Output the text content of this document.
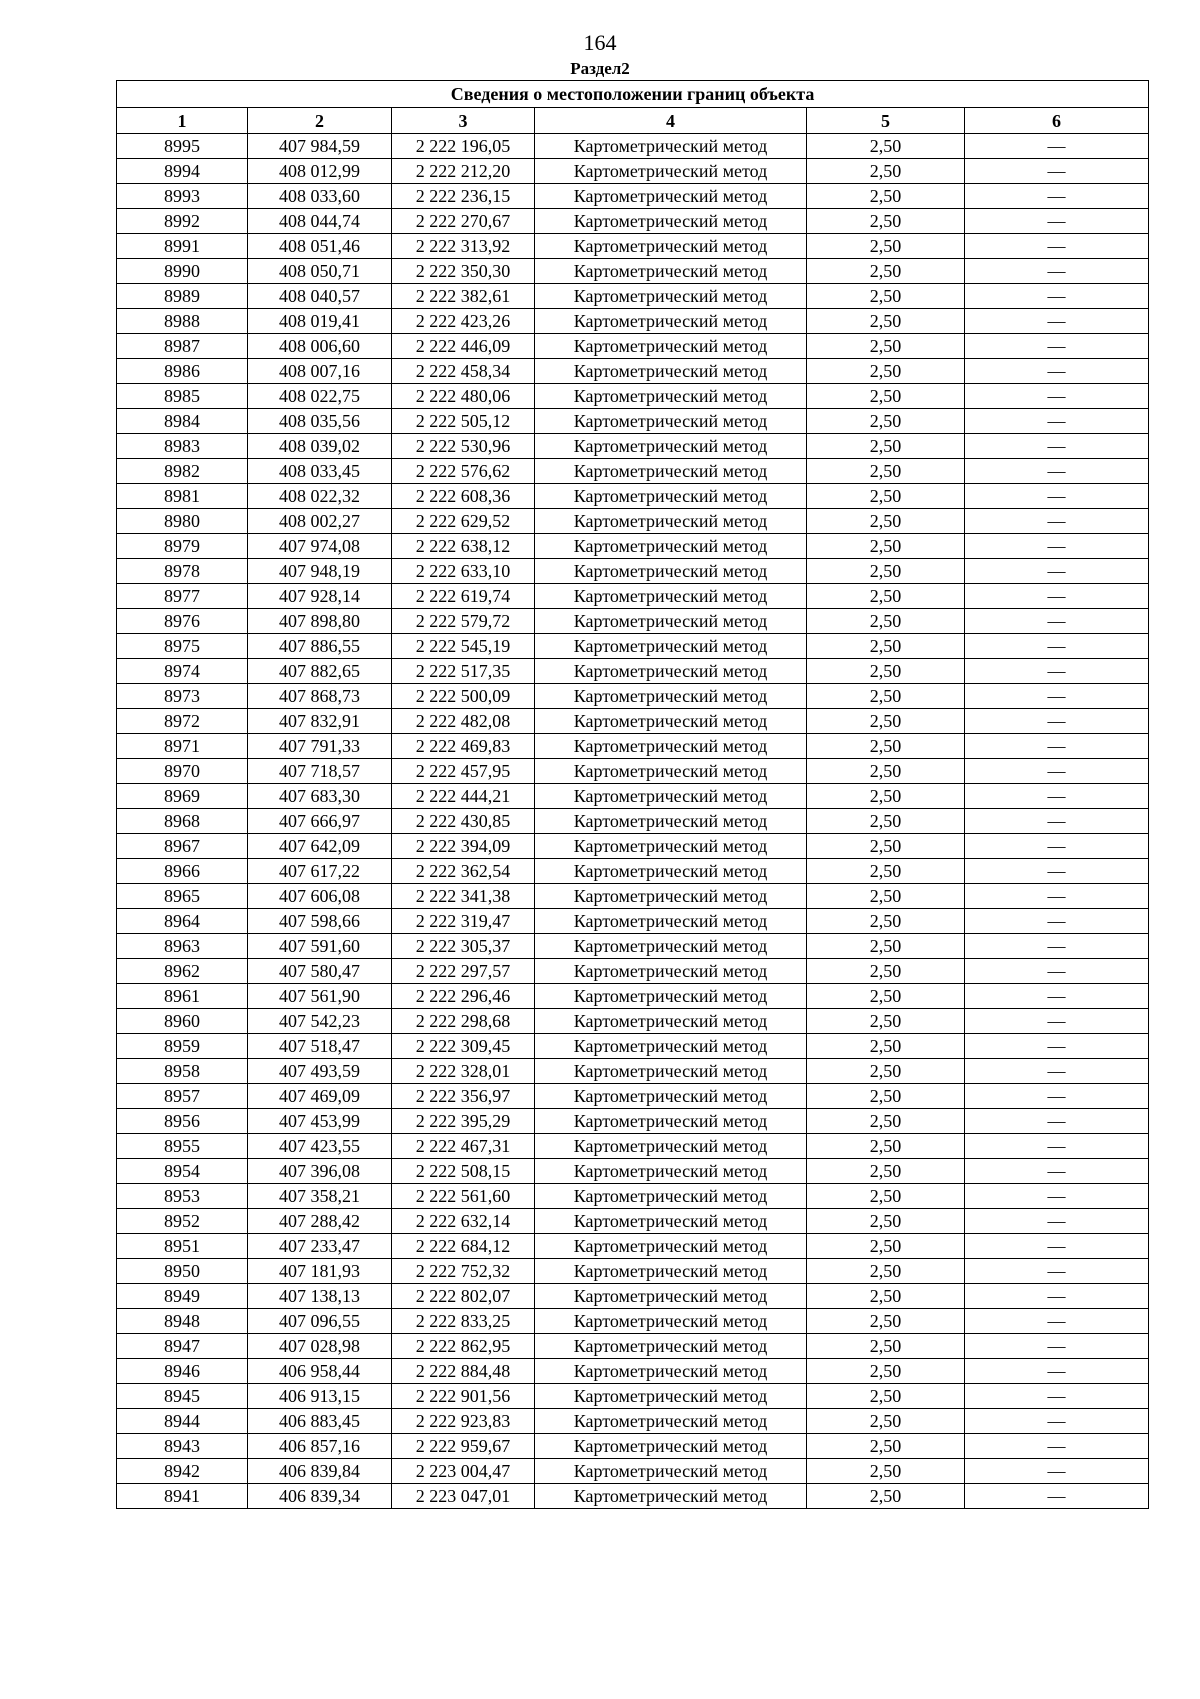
164
Раздел2
Сведения о местоположении границ объекта					
1	2	3	4	5	6
8995	407 984,59	2 222 196,05	Картометрический метод	2,50	—
8994	408 012,99	2 222 212,20	Картометрический метод	2,50	—
8993	408 033,60	2 222 236,15	Картометрический метод	2,50	—
8992	408 044,74	2 222 270,67	Картометрический метод	2,50	—
8991	408 051,46	2 222 313,92	Картометрический метод	2,50	—
8990	408 050,71	2 222 350,30	Картометрический метод	2,50	—
8989	408 040,57	2 222 382,61	Картометрический метод	2,50	—
8988	408 019,41	2 222 423,26	Картометрический метод	2,50	—
8987	408 006,60	2 222 446,09	Картометрический метод	2,50	—
8986	408 007,16	2 222 458,34	Картометрический метод	2,50	—
8985	408 022,75	2 222 480,06	Картометрический метод	2,50	—
8984	408 035,56	2 222 505,12	Картометрический метод	2,50	—
8983	408 039,02	2 222 530,96	Картометрический метод	2,50	—
8982	408 033,45	2 222 576,62	Картометрический метод	2,50	—
8981	408 022,32	2 222 608,36	Картометрический метод	2,50	—
8980	408 002,27	2 222 629,52	Картометрический метод	2,50	—
8979	407 974,08	2 222 638,12	Картометрический метод	2,50	—
8978	407 948,19	2 222 633,10	Картометрический метод	2,50	—
8977	407 928,14	2 222 619,74	Картометрический метод	2,50	—
8976	407 898,80	2 222 579,72	Картометрический метод	2,50	—
8975	407 886,55	2 222 545,19	Картометрический метод	2,50	—
8974	407 882,65	2 222 517,35	Картометрический метод	2,50	—
8973	407 868,73	2 222 500,09	Картометрический метод	2,50	—
8972	407 832,91	2 222 482,08	Картометрический метод	2,50	—
8971	407 791,33	2 222 469,83	Картометрический метод	2,50	—
8970	407 718,57	2 222 457,95	Картометрический метод	2,50	—
8969	407 683,30	2 222 444,21	Картометрический метод	2,50	—
8968	407 666,97	2 222 430,85	Картометрический метод	2,50	—
8967	407 642,09	2 222 394,09	Картометрический метод	2,50	—
8966	407 617,22	2 222 362,54	Картометрический метод	2,50	—
8965	407 606,08	2 222 341,38	Картометрический метод	2,50	—
8964	407 598,66	2 222 319,47	Картометрический метод	2,50	—
8963	407 591,60	2 222 305,37	Картометрический метод	2,50	—
8962	407 580,47	2 222 297,57	Картометрический метод	2,50	—
8961	407 561,90	2 222 296,46	Картометрический метод	2,50	—
8960	407 542,23	2 222 298,68	Картометрический метод	2,50	—
8959	407 518,47	2 222 309,45	Картометрический метод	2,50	—
8958	407 493,59	2 222 328,01	Картометрический метод	2,50	—
8957	407 469,09	2 222 356,97	Картометрический метод	2,50	—
8956	407 453,99	2 222 395,29	Картометрический метод	2,50	—
8955	407 423,55	2 222 467,31	Картометрический метод	2,50	—
8954	407 396,08	2 222 508,15	Картометрический метод	2,50	—
8953	407 358,21	2 222 561,60	Картометрический метод	2,50	—
8952	407 288,42	2 222 632,14	Картометрический метод	2,50	—
8951	407 233,47	2 222 684,12	Картометрический метод	2,50	—
8950	407 181,93	2 222 752,32	Картометрический метод	2,50	—
8949	407 138,13	2 222 802,07	Картометрический метод	2,50	—
8948	407 096,55	2 222 833,25	Картометрический метод	2,50	—
8947	407 028,98	2 222 862,95	Картометрический метод	2,50	—
8946	406 958,44	2 222 884,48	Картометрический метод	2,50	—
8945	406 913,15	2 222 901,56	Картометрический метод	2,50	—
8944	406 883,45	2 222 923,83	Картометрический метод	2,50	—
8943	406 857,16	2 222 959,67	Картометрический метод	2,50	—
8942	406 839,84	2 223 004,47	Картометрический метод	2,50	—
8941	406 839,34	2 223 047,01	Картометрический метод	2,50	—
